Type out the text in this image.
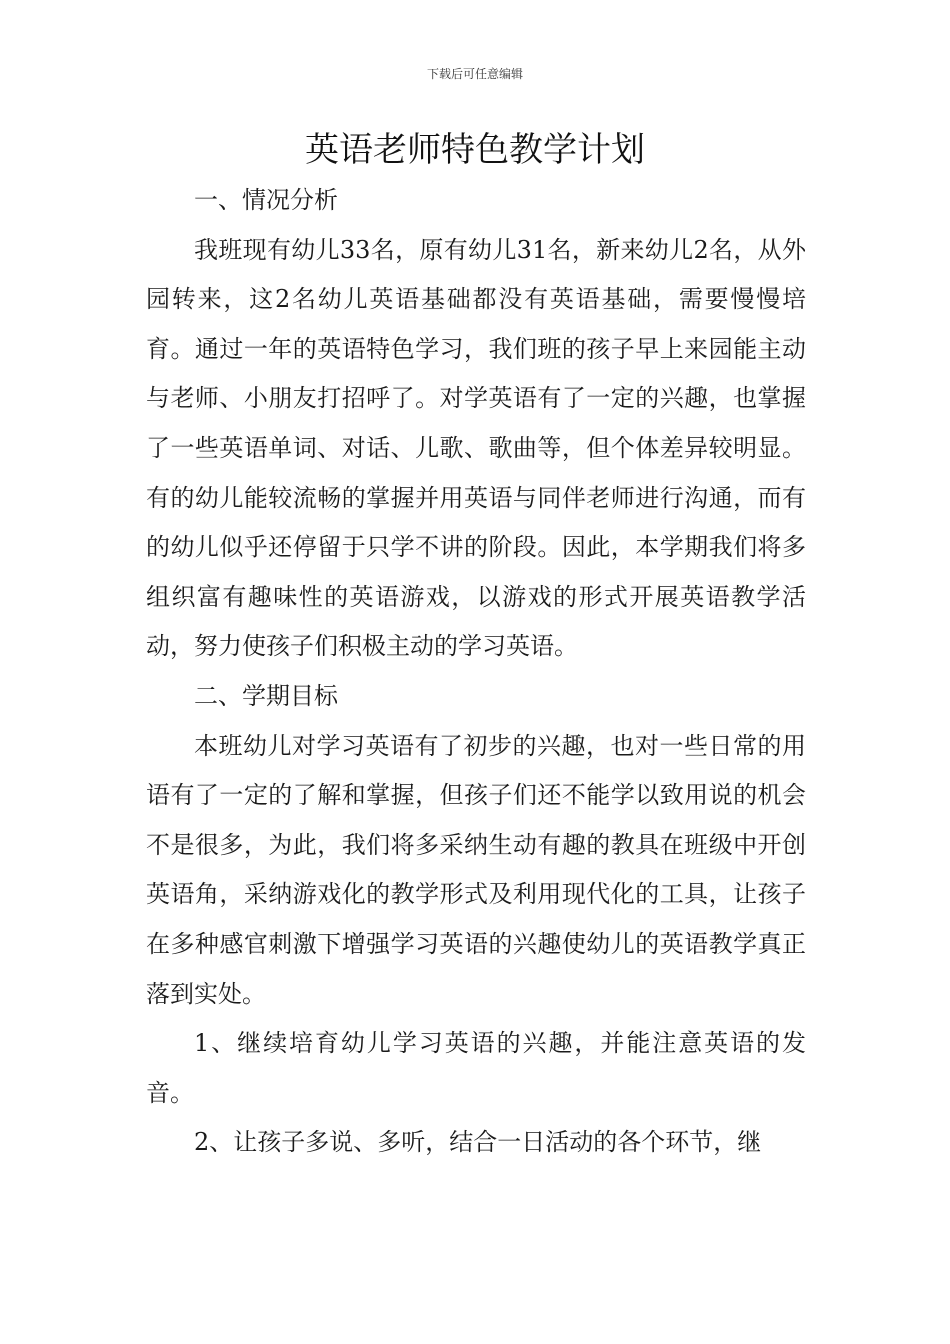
下载后可任意编辑
英语老师特色教学计划

一、情况分析

我班现有幼儿33名，原有幼儿31名，新来幼儿2名，从外园转来，这2名幼儿英语基础都没有英语基础，需要慢慢培育。通过一年的英语特色学习，我们班的孩子早上来园能主动与老师、小朋友打招呼了。对学英语有了一定的兴趣，也掌握了一些英语单词、对话、儿歌、歌曲等，但个体差异较明显。有的幼儿能较流畅的掌握并用英语与同伴老师进行沟通，而有的幼儿似乎还停留于只学不讲的阶段。因此，本学期我们将多组织富有趣味性的英语游戏，以游戏的形式开展英语教学活动，努力使孩子们积极主动的学习英语。

二、学期目标

本班幼儿对学习英语有了初步的兴趣，也对一些日常的用语有了一定的了解和掌握，但孩子们还不能学以致用说的机会不是很多，为此，我们将多采纳生动有趣的教具在班级中开创英语角，采纳游戏化的教学形式及利用现代化的工具，让孩子在多种感官刺激下增强学习英语的兴趣使幼儿的英语教学真正落到实处。

1、继续培育幼儿学习英语的兴趣，并能注意英语的发音。

2、让孩子多说、多听，结合一日活动的各个环节，继
